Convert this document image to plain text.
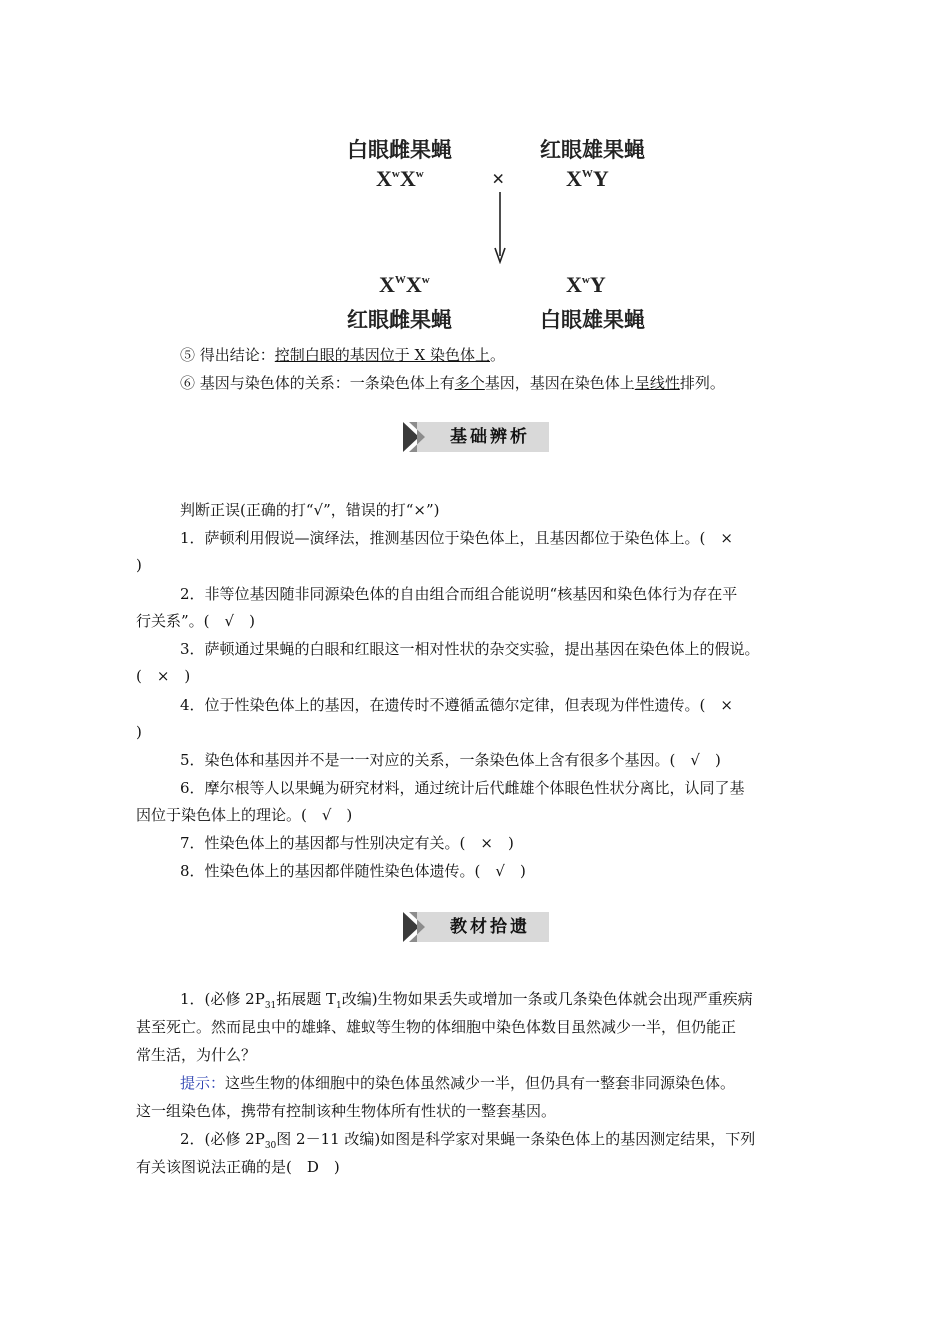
白眼雌果蝇	红眼雄果蝇
$X^wX^w$	×	$X^WY$
$X^WX^w$	$X^wY$
红眼雌果蝇	白眼雄果蝇
⑤ 得出结论：控制白眼的基因位于 X 染色体上。
⑥ 基因与染色体的关系：一条染色体上有多个基因，基因在染色体上呈线性排列。
基础辨析
判断正误(正确的打“√”，错误的打“×”)
1．萨顿利用假说—演绎法，推测基因位于染色体上，且基因都位于染色体上。(　×
)
2．非等位基因随非同源染色体的自由组合而组合能说明“核基因和染色体行为存在平
行关系”。(　√　)
3．萨顿通过果蝇的白眼和红眼这一相对性状的杂交实验，提出基因在染色体上的假说。
(　×　)
4．位于性染色体上的基因，在遗传时不遵循孟德尔定律，但表现为伴性遗传。(　×
)
5．染色体和基因并不是一一对应的关系，一条染色体上含有很多个基因。(　√　)
6．摩尔根等人以果蝇为研究材料，通过统计后代雌雄个体眼色性状分离比，认同了基
因位于染色体上的理论。(　√　)
7．性染色体上的基因都与性别决定有关。(　×　)
8．性染色体上的基因都伴随性染色体遗传。(　√　)
教材拾遗
1．(必修 $2P_{31}$拓展题 $T_1$改编)生物如果丢失或增加一条或几条染色体就会出现严重疾病
甚至死亡。然而昆虫中的雄蜂、雄蚁等生物的体细胞中染色体数目虽然减少一半，但仍能正
常生活，为什么？
提示：这些生物的体细胞中的染色体虽然减少一半，但仍具有一整套非同源染色体。
这一组染色体，携带有控制该种生物体所有性状的一整套基因。
2．(必修 $2P_{30}$图 2－11 改编)如图是科学家对果蝇一条染色体上的基因测定结果，下列
有关该图说法正确的是(　D　)
